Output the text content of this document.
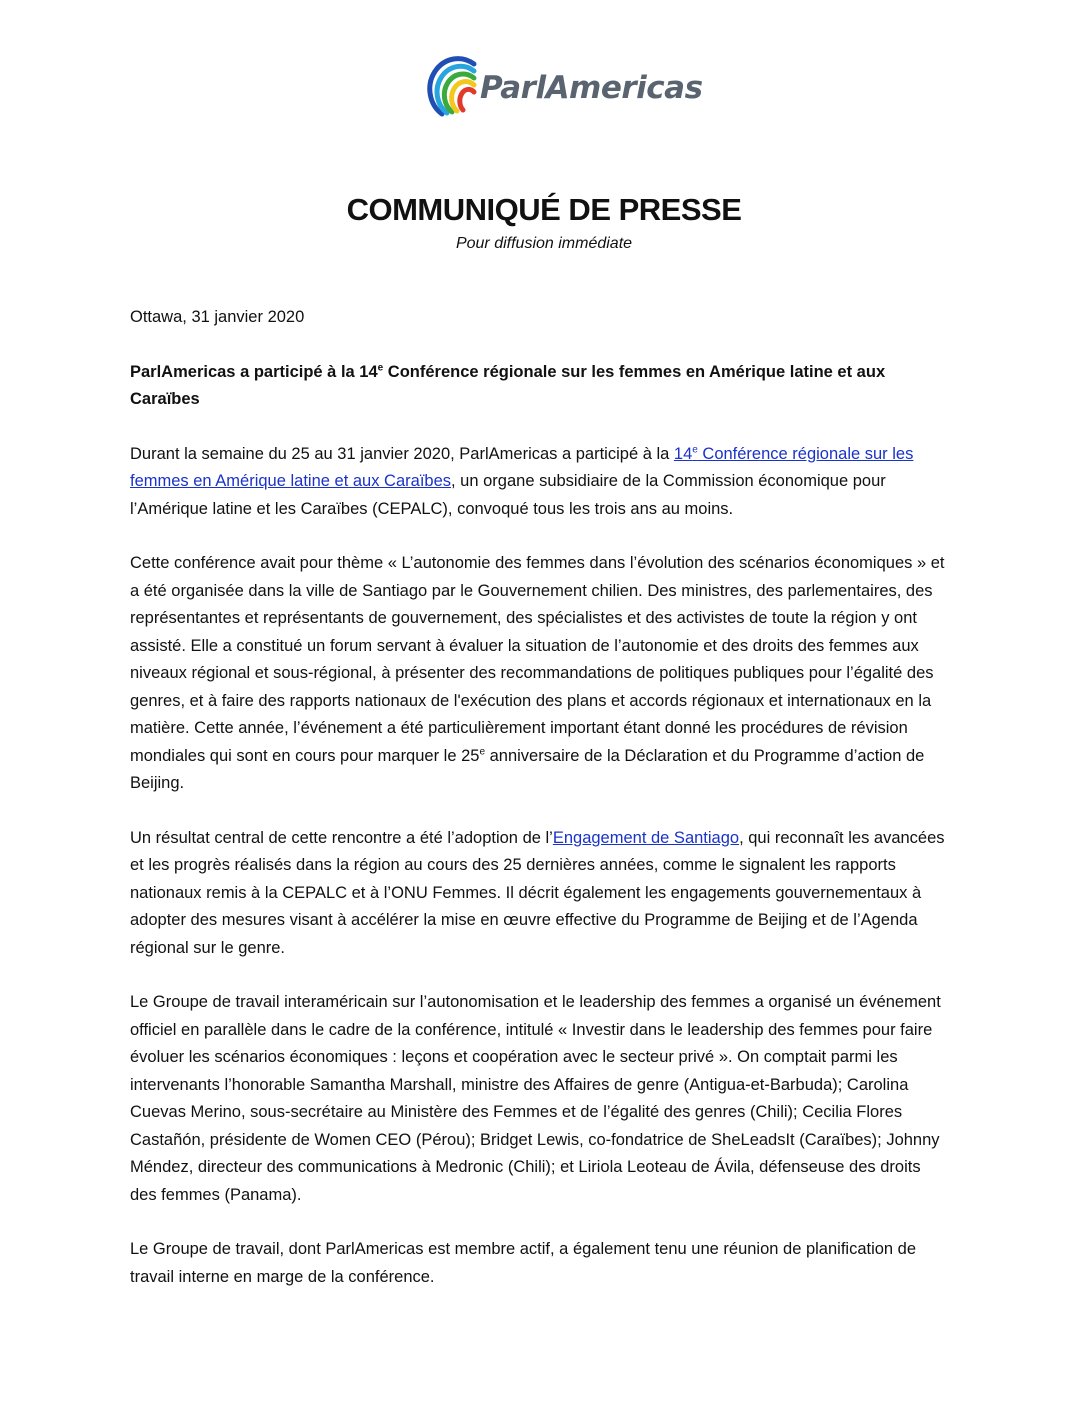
ParlAmericas
COMMUNIQUÉ DE PRESSE
Pour diffusion immédiate

Ottawa, 31 janvier 2020

ParlAmericas a participé à la 14e Conférence régionale sur les femmes en Amérique latine et aux Caraïbes

Durant la semaine du 25 au 31 janvier 2020, ParlAmericas a participé à la 14e Conférence régionale sur les femmes en Amérique latine et aux Caraïbes, un organe subsidiaire de la Commission économique pour l’Amérique latine et les Caraïbes (CEPALC), convoqué tous les trois ans au moins.

Cette conférence avait pour thème « L’autonomie des femmes dans l’évolution des scénarios économiques » et a été organisée dans la ville de Santiago par le Gouvernement chilien. Des ministres, des parlementaires, des représentantes et représentants de gouvernement, des spécialistes et des activistes de toute la région y ont assisté. Elle a constitué un forum servant à évaluer la situation de l’autonomie et des droits des femmes aux niveaux régional et sous-régional, à présenter des recommandations de politiques publiques pour l’égalité des genres, et à faire des rapports nationaux de l'exécution des plans et accords régionaux et internationaux en la matière. Cette année, l’événement a été particulièrement important étant donné les procédures de révision mondiales qui sont en cours pour marquer le 25e anniversaire de la Déclaration et du Programme d’action de Beijing.

Un résultat central de cette rencontre a été l’adoption de l’Engagement de Santiago, qui reconnaît les avancées et les progrès réalisés dans la région au cours des 25 dernières années, comme le signalent les rapports nationaux remis à la CEPALC et à l’ONU Femmes. Il décrit également les engagements gouvernementaux à adopter des mesures visant à accélérer la mise en œuvre effective du Programme de Beijing et de l’Agenda régional sur le genre.

Le Groupe de travail interaméricain sur l’autonomisation et le leadership des femmes a organisé un événement officiel en parallèle dans le cadre de la conférence, intitulé « Investir dans le leadership des femmes pour faire évoluer les scénarios économiques : leçons et coopération avec le secteur privé ». On comptait parmi les intervenants l’honorable Samantha Marshall, ministre des Affaires de genre (Antigua-et-Barbuda); Carolina Cuevas Merino, sous-secrétaire au Ministère des Femmes et de l’égalité des genres (Chili); Cecilia Flores Castañón, présidente de Women CEO (Pérou); Bridget Lewis, co-fondatrice de SheLeadsIt (Caraïbes); Johnny Méndez, directeur des communications à Medronic (Chili); et Liriola Leoteau de Ávila, défenseuse des droits des femmes (Panama).

Le Groupe de travail, dont ParlAmericas est membre actif, a également tenu une réunion de planification de travail interne en marge de la conférence.
